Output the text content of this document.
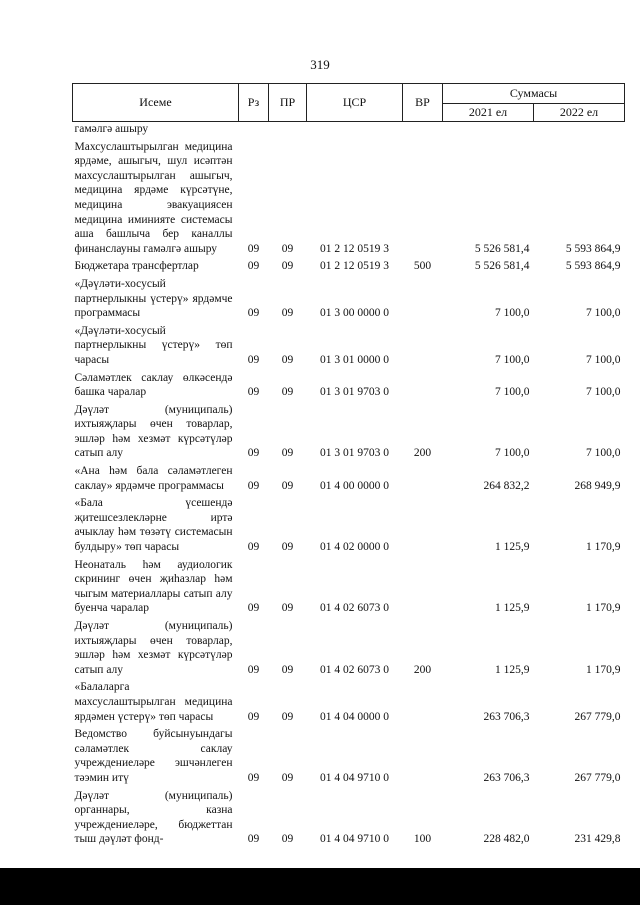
319
Исеме	Рз	ПР	ЦСР	ВР	Суммасы	
					2021 ел	2022 ел
гамәлгә ашыру						
Махсуслаштырылган медицина ярдәме, ашыгыч, шул исәптән махсуслаштырылган ашыгыч, медицина ярдәме күрсәтүне, медицина эвакуациясен медицина иминияте системасы аша башлыча бер каналлы финанслауны гамәлгә ашыру	09	09	01 2 12 0519 3		5 526 581,4	5 593 864,9
Бюджетара трансфертлар	09	09	01 2 12 0519 3	500	5 526 581,4	5 593 864,9
«Дәүләти-хосусый партнерлыкны үстерү» ярдәмче программасы	09	09	01 3 00 0000 0		7 100,0	7 100,0
«Дәүләти-хосусый партнерлыкны үстерү» төп чарасы	09	09	01 3 01 0000 0		7 100,0	7 100,0
Сәламәтлек саклау өлкәсендә башка чаралар	09	09	01 3 01 9703 0		7 100,0	7 100,0
Дәүләт (муниципаль) ихтыяҗлары өчен товарлар, эшләр һәм хезмәт күрсәтүләр сатып алу	09	09	01 3 01 9703 0	200	7 100,0	7 100,0
«Ана һәм бала сәламәтлеген саклау» ярдәмче программасы	09	09	01 4 00 0000 0		264 832,2	268 949,9
«Бала үсешендә җитешсезлекләрне иртә ачыклау һәм төзәтү системасын булдыру» төп чарасы	09	09	01 4 02 0000 0		1 125,9	1 170,9
Неонаталь һәм аудиологик скрининг өчен җиһазлар һәм чыгым материаллары сатып алу буенча чаралар	09	09	01 4 02 6073 0		1 125,9	1 170,9
Дәүләт (муниципаль) ихтыяҗлары өчен товарлар, эшләр һәм хезмәт күрсәтүләр сатып алу	09	09	01 4 02 6073 0	200	1 125,9	1 170,9
«Балаларга махсуслаштырылган медицина ярдәмен үстерү» төп чарасы	09	09	01 4 04 0000 0		263 706,3	267 779,0
Ведомство буйсынуындагы сәламәтлек саклау учреждениеләре эшчәнлеген тәэмин итү	09	09	01 4 04 9710 0		263 706,3	267 779,0
Дәүләт (муниципаль) органнары, казна учреждениеләре, бюджеттан тыш дәүләт фонд-	09	09	01 4 04 9710 0	100	228 482,0	231 429,8
